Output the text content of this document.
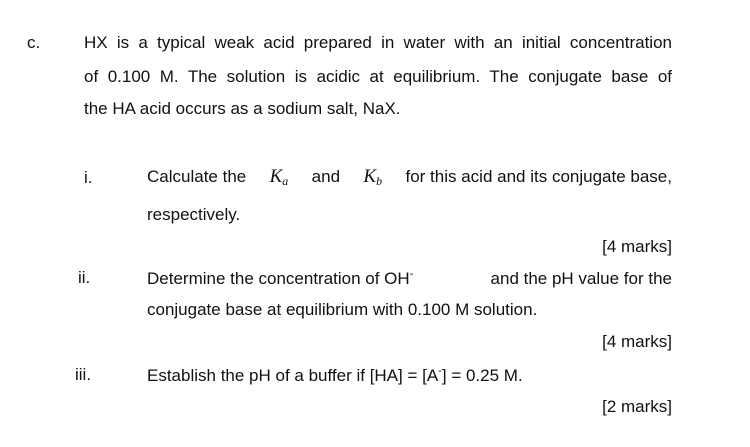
c.	HX is a typical weak acid prepared in water with an initial concentration
of 0.100 M. The solution is acidic at equilibrium. The conjugate base of
the HA acid occurs as a sodium salt, NaX.
i.	Calculate the $K_a$ and $K_b$ for this acid and its conjugate base,
respectively.
[4 marks]
ii.	Determine the concentration of OH-	and the pH value for the
conjugate base at equilibrium with 0.100 M solution.
[4 marks]
iii.	Establish the pH of a buffer if [HA] = [A-] = 0.25 M.
[2 marks]
